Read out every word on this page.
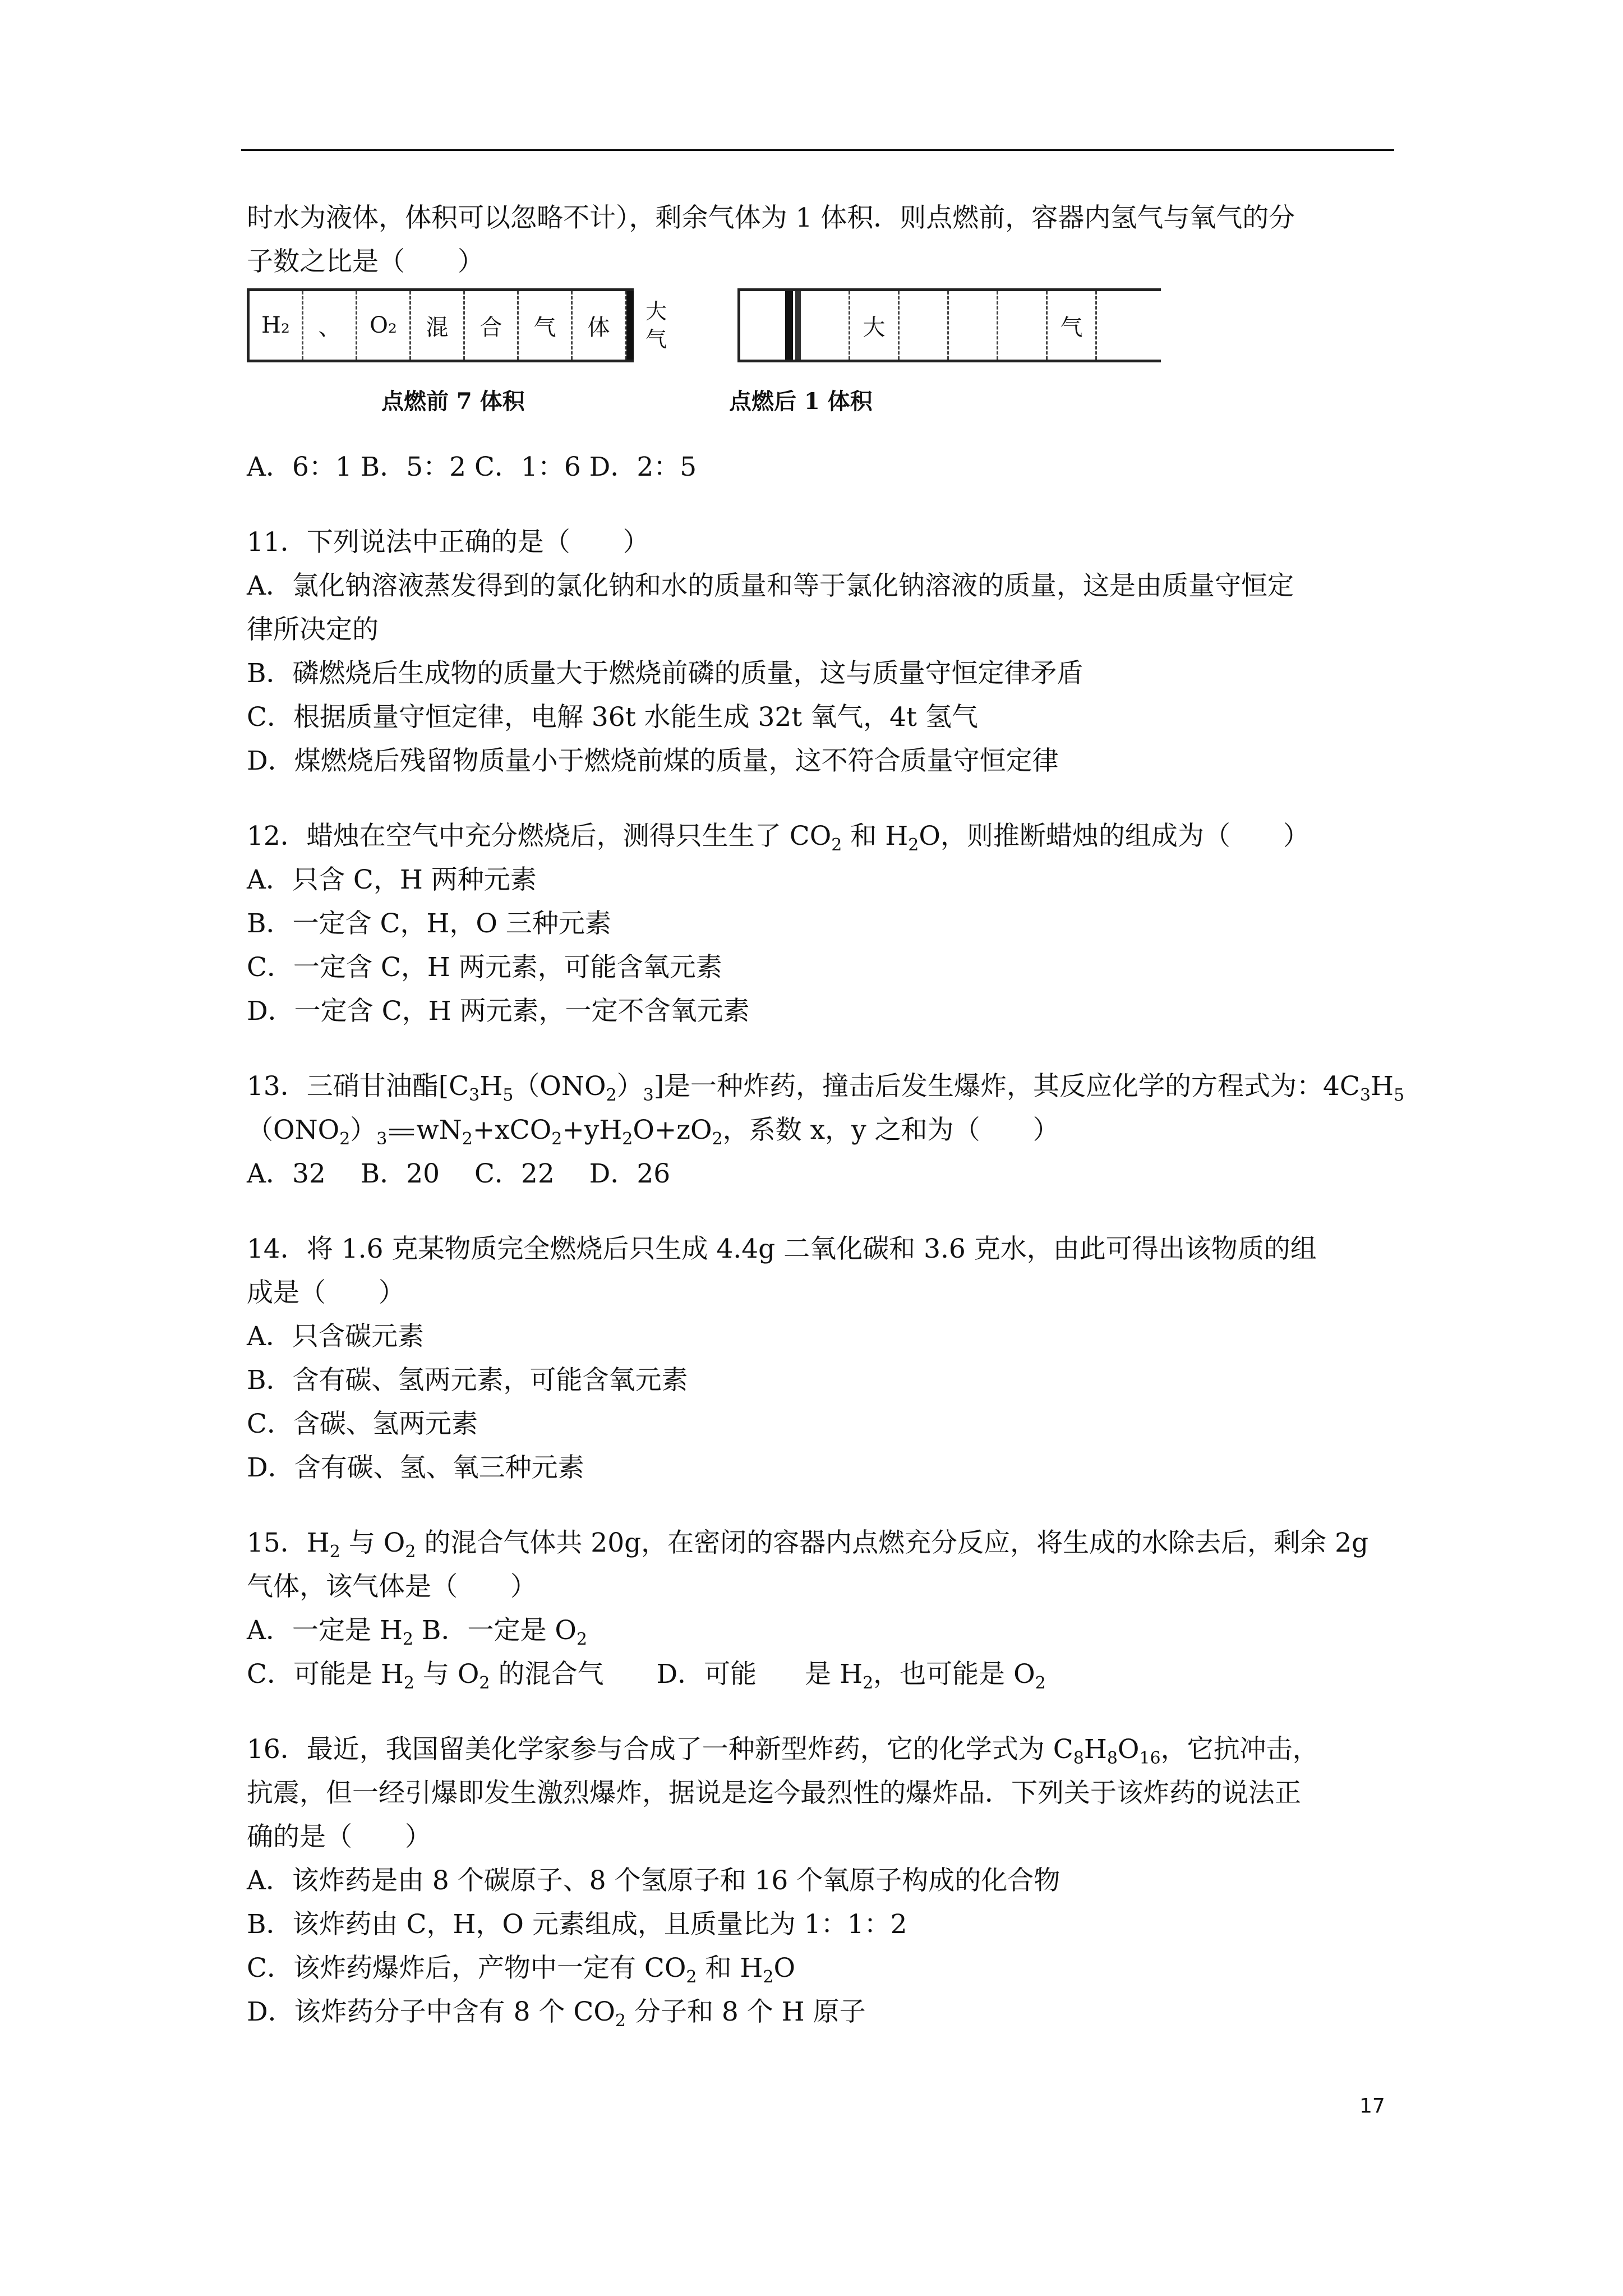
时水为液体，体积可以忽略不计），剩余气体为 1 体积．则点燃前，容器内氢气与氧气的分
子数之比是（　　）
H₂	、	O₂	混	合	气	体
大
气
点燃前 7 体积
大	气
点燃后 1 体积
A．6：1 B．5：2 C．1：6 D．2：5
11．下列说法中正确的是（　　）
A．氯化钠溶液蒸发得到的氯化钠和水的质量和等于氯化钠溶液的质量，这是由质量守恒定
律所决定的
B．磷燃烧后生成物的质量大于燃烧前磷的质量，这与质量守恒定律矛盾
C．根据质量守恒定律，电解 36t 水能生成 32t 氧气，4t 氢气
D．煤燃烧后残留物质量小于燃烧前煤的质量，这不符合质量守恒定律
12．蜡烛在空气中充分燃烧后，测得只生生了 $CO_2$ 和 $H_2O$，则推断蜡烛的组成为（　　）
A．只含 C，H 两种元素
B．一定含 C，H，O 三种元素
C．一定含 C，H 两元素，可能含氧元素
D．一定含 C，H 两元素，一定不含氧元素
13．三硝甘油酯$[C_3H_5(ONO_2)_3]$是一种炸药，撞击后发生爆炸，其反应化学的方程式为：$4C_3H_5$
$(ONO_2)_3$ $wN_2+xCO_2+yH_2O+zO_2$，系数 x，y 之和为（　　）
A．32　 B．20　 C．22　 D．26
14．将 1.6 克某物质完全燃烧后只生成 4.4g 二氧化碳和 3.6 克水，由此可得出该物质的组
成是（　　）
A．只含碳元素
B．含有碳、氢两元素，可能含氧元素
C．含碳、氢两元素
D．含有碳、氢、氧三种元素
15．$H_2$ 与 $O_2$ 的混合气体共 20g，在密闭的容器内点燃充分反应，将生成的水除去后，剩余 2g
气体，该气体是（　　）
A．一定是 $H_2$ B．一定是 $O_2$
C．可能是 $H_2$ 与 $O_2$ 的混合气　　D．可能 是 $H_2$，也可能是 $O_2$
16．最近，我国留美化学家参与合成了一种新型炸药，它的化学式为 $C_8H_8O_{16}$，它抗冲击，
抗震，但一经引爆即发生激烈爆炸，据说是迄今最烈性的爆炸品．下列关于该炸药的说法正
确的是（　　）
A．该炸药是由 8 个碳原子、8 个氢原子和 16 个氧原子构成的化合物
B．该炸药由 C，H，O 元素组成，且质量比为 1：1：2
C．该炸药爆炸后，产物中一定有 $CO_2$ 和 $H_2O$
D．该炸药分子中含有 8 个 $CO_2$ 分子和 8 个 H 原子
17
